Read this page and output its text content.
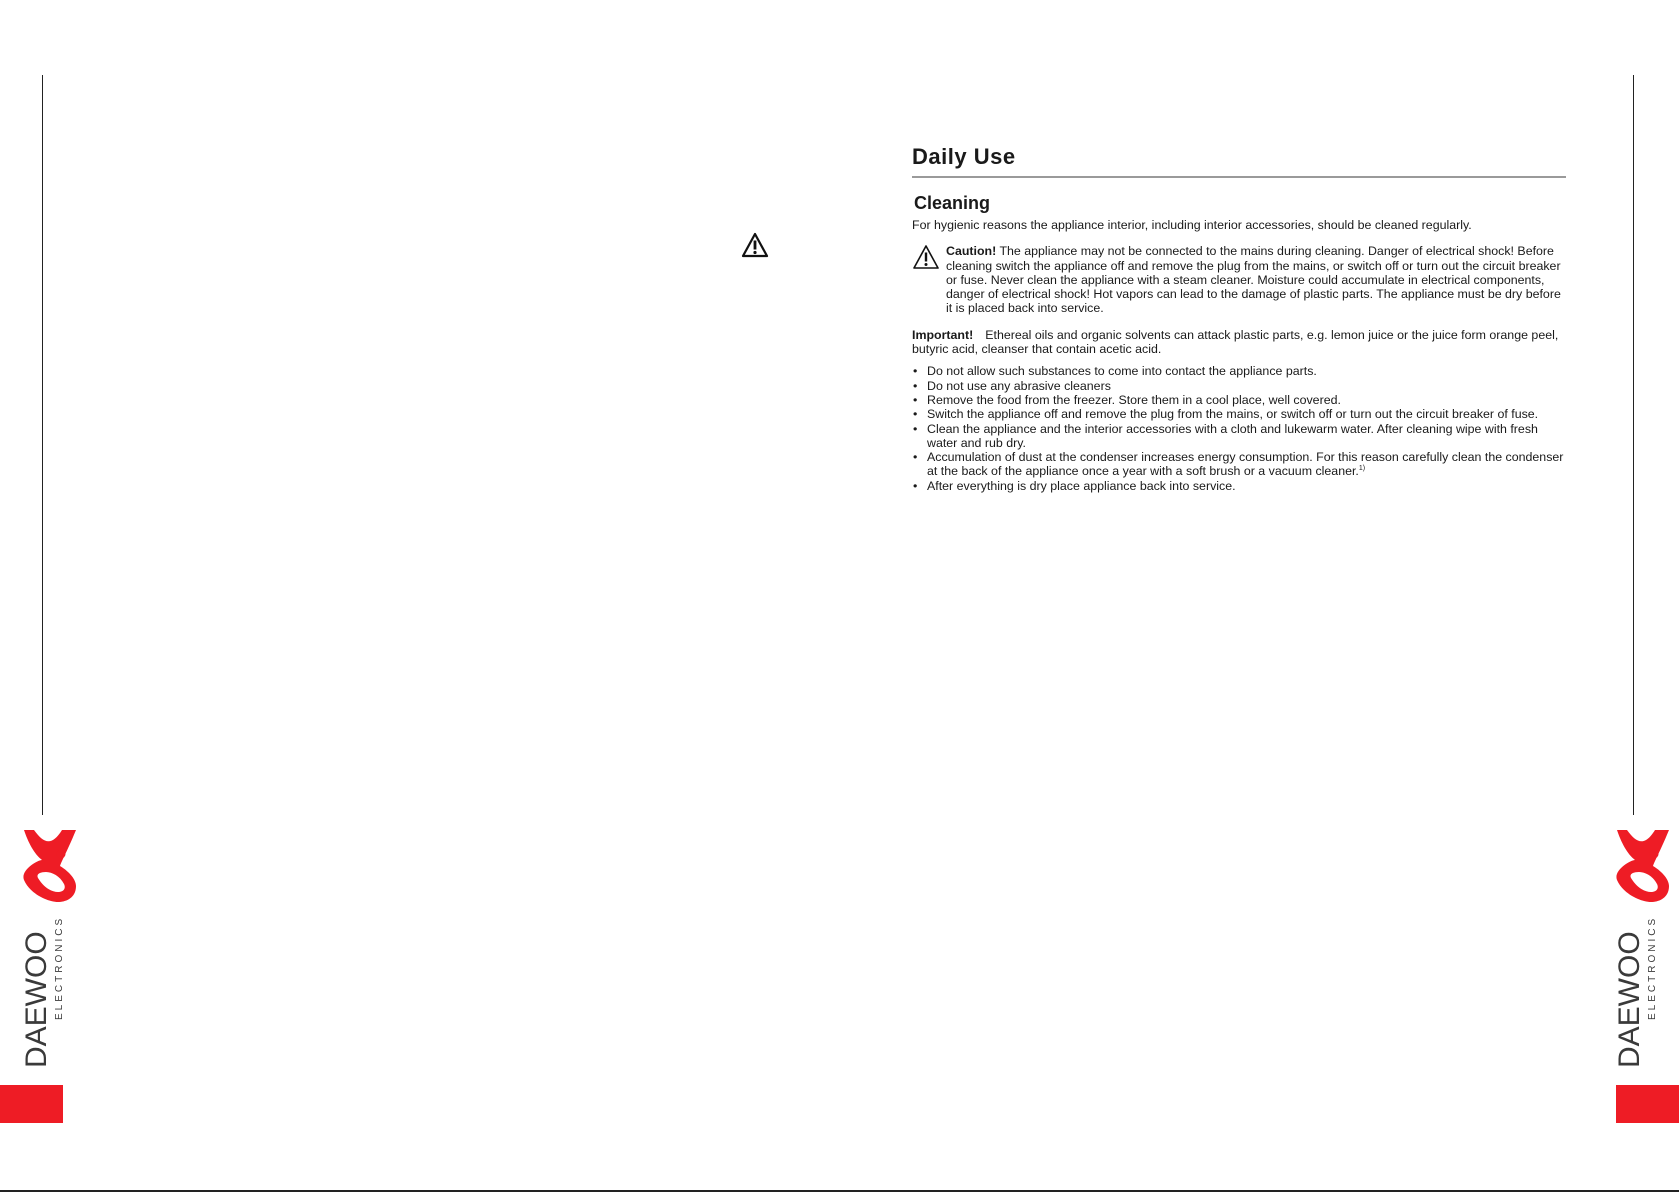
Daily Use
Cleaning

For hygienic reasons the appliance interior, including interior accessories, should be cleaned regularly.

Caution! The appliance may not be connected to the mains during cleaning. Danger of electrical shock! Before cleaning switch the appliance off and remove the plug from the mains, or switch off or turn out the circuit breaker or fuse. Never clean the appliance with a steam cleaner. Moisture could accumulate in electrical components, danger of electrical shock! Hot vapors can lead to the damage of plastic parts. The appliance must be dry before it is placed back into service.

Important! Ethereal oils and organic solvents can attack plastic parts, e.g. lemon juice or the juice form orange peel, butyric acid, cleanser that contain acetic acid.

• Do not allow such substances to come into contact the appliance parts.
• Do not use any abrasive cleaners
• Remove the food from the freezer. Store them in a cool place, well covered.
• Switch the appliance off and remove the plug from the mains, or switch off or turn out the circuit breaker of fuse.
• Clean the appliance and the interior accessories with a cloth and lukewarm water. After cleaning wipe with fresh water and rub dry.
• Accumulation of dust at the condenser increases energy consumption. For this reason carefully clean the condenser at the back of the appliance once a year with a soft brush or a vacuum cleaner.$^{1)}$
• After everything is dry place appliance back into service.
DAEWOO ELECTRONICS	DAEWOO ELECTRONICS
